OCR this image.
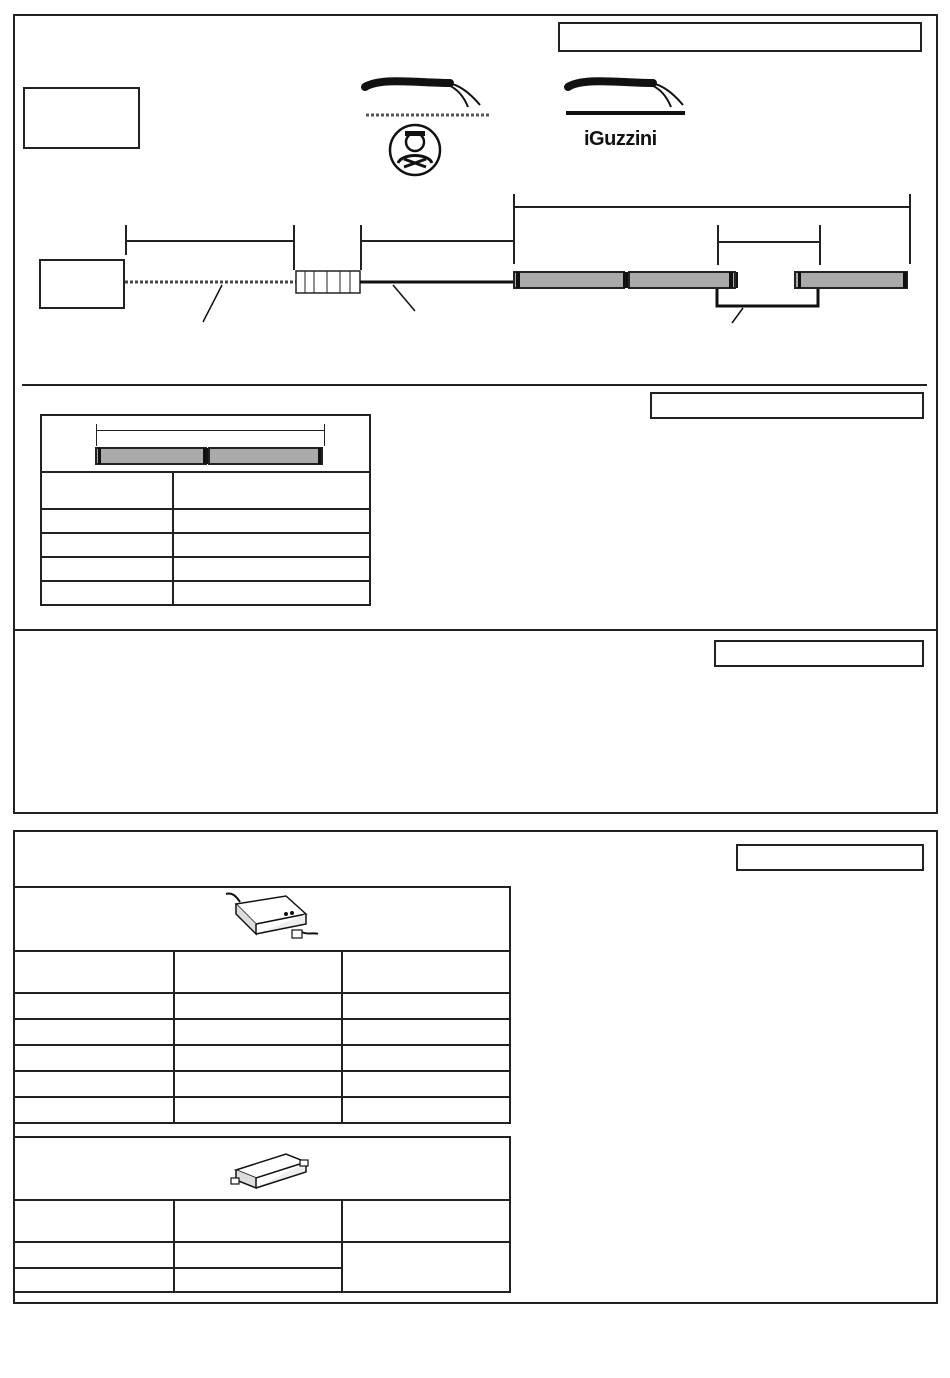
iGuzzini
